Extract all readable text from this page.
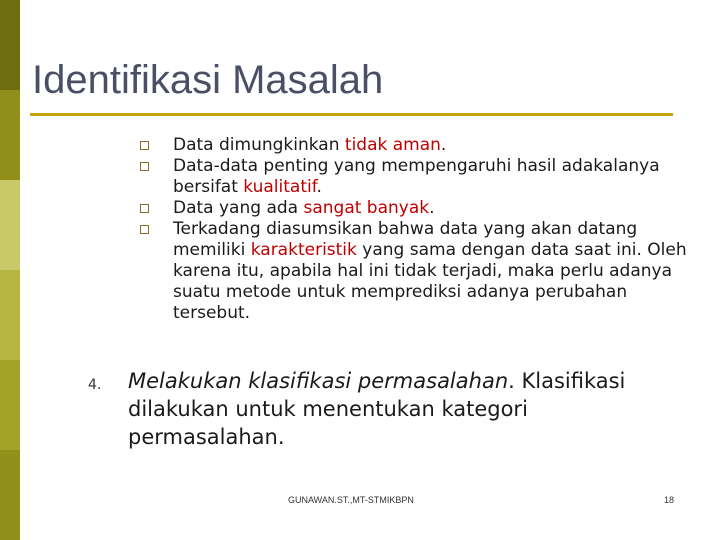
Identifikasi Masalah
Data dimungkinkan tidak aman.
Data-data penting yang mempengaruhi hasil adakalanya bersifat kualitatif.
Data yang ada sangat banyak.
Terkadang diasumsikan bahwa data yang akan datang memiliki karakteristik yang sama dengan data saat ini. Oleh karena itu, apabila hal ini tidak terjadi, maka perlu adanya suatu metode untuk memprediksi adanya perubahan tersebut.
4. Melakukan klasifikasi permasalahan. Klasifikasi dilakukan untuk menentukan kategori permasalahan.
GUNAWAN.ST.,MT-STMIKBPN	18
